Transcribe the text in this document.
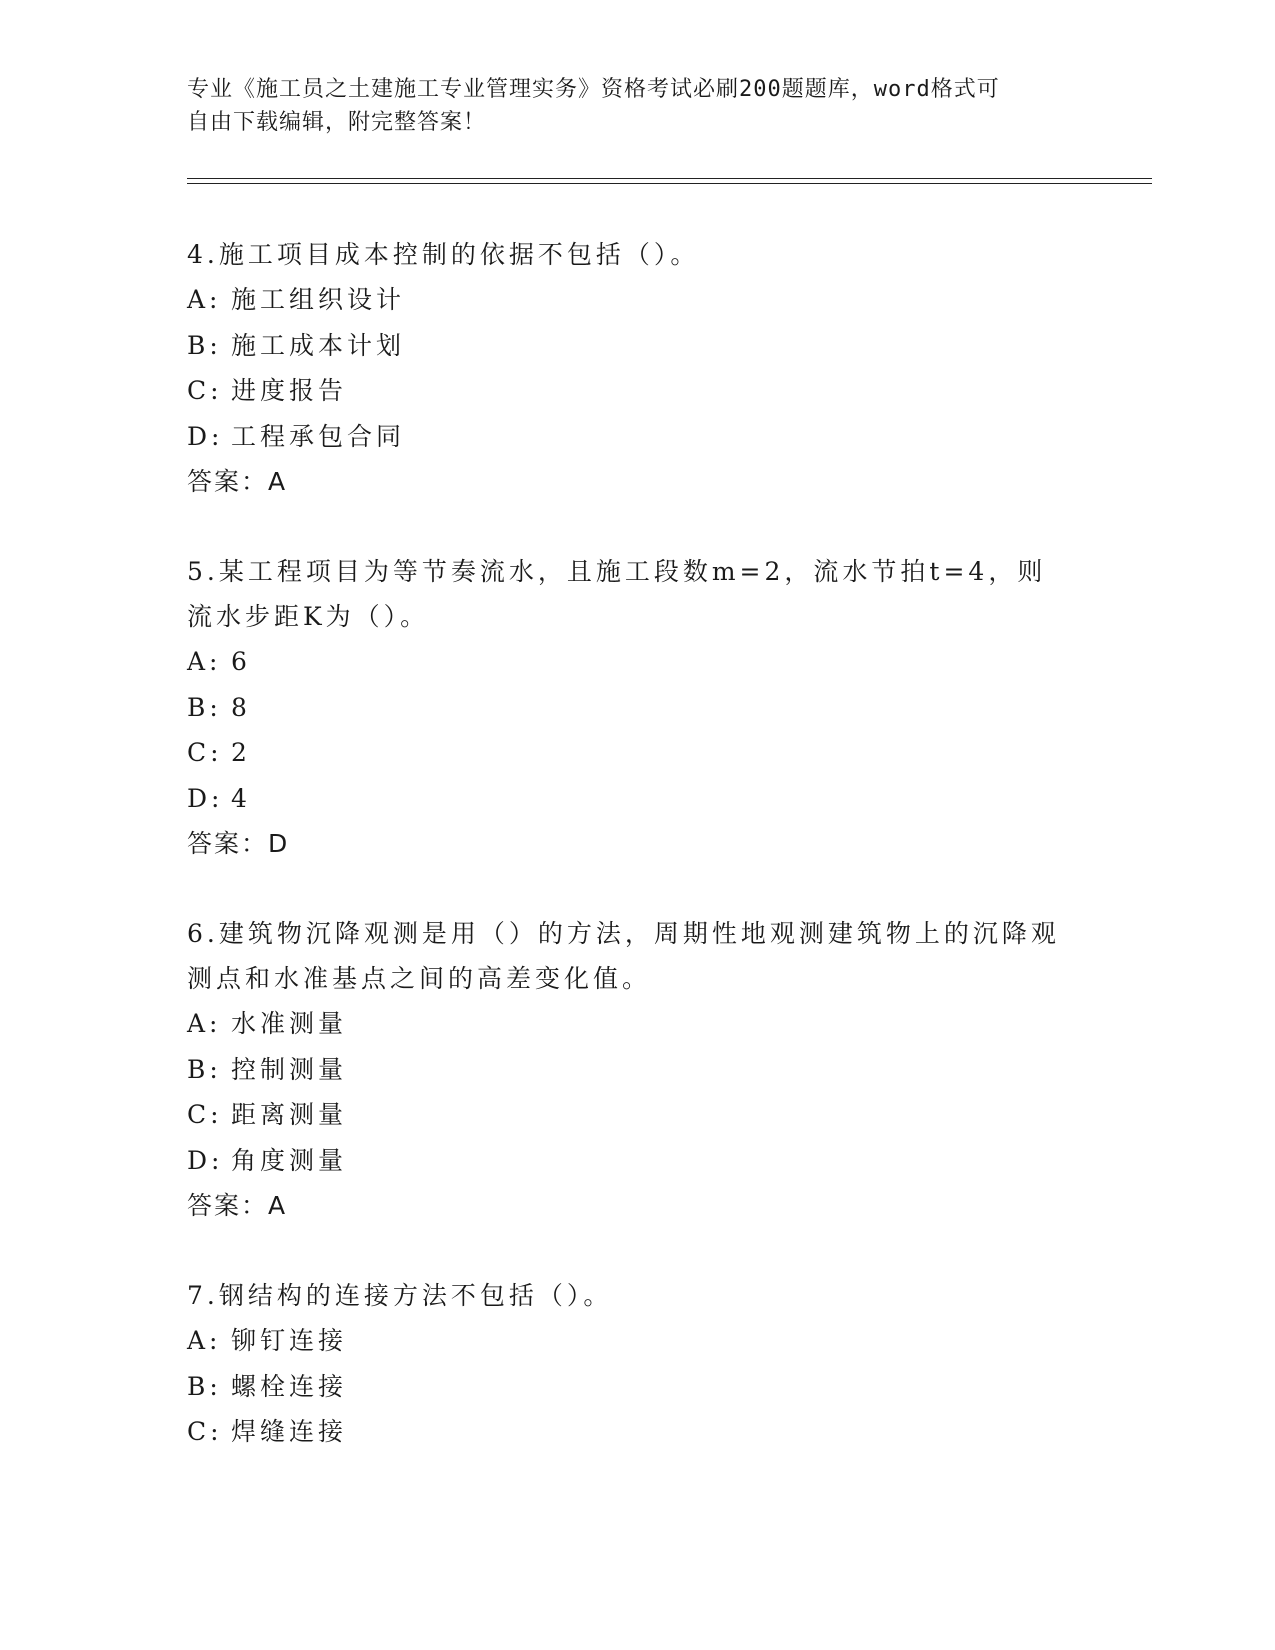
专业《施工员之土建施工专业管理实务》资格考试必刷200题题库，word格式可
自由下载编辑，附完整答案！

4.施工项目成本控制的依据不包括（）。

A: 施工组织设计
B: 施工成本计划
C: 进度报告
D: 工程承包合同
答案：A

5.某工程项目为等节奏流水，且施工段数m=2，流水节拍t=4，则流水步距K为（）。

A: 6
B: 8
C: 2
D: 4
答案：D

6.建筑物沉降观测是用（）的方法，周期性地观测建筑物上的沉降观测点和水准基点之间的高差变化值。

A: 水准测量
B: 控制测量
C: 距离测量
D: 角度测量
答案：A

7.钢结构的连接方法不包括（）。

A: 铆钉连接
B: 螺栓连接
C: 焊缝连接
